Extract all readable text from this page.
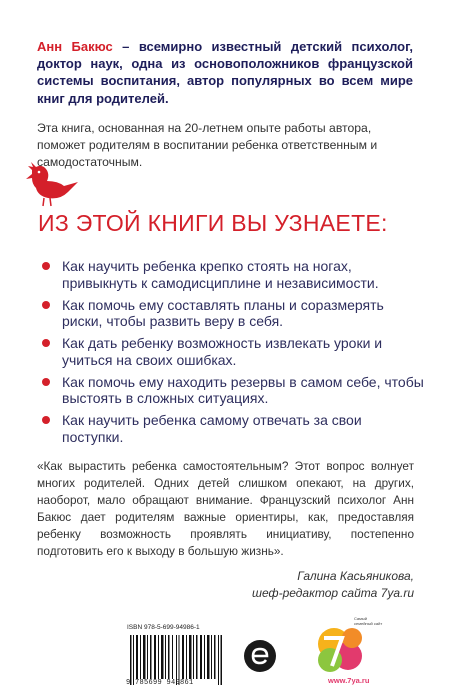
Анн Бакюс – всемирно известный детский психолог, доктор наук, одна из основоположников французской системы воспитания, автор популярных во всем мире книг для родителей.
Эта книга, основанная на 20-летнем опыте работы автора, поможет родителям в воспитании ребенка ответственным и самодостаточным.
ИЗ ЭТОЙ КНИГИ ВЫ УЗНАЕТЕ:
Как научить ребенка крепко стоять на ногах, привыкнуть к самодисциплине и независимости.
Как помочь ему составлять планы и соразмерять риски, чтобы развить веру в себя.
Как дать ребенку возможность извлекать уроки и учиться на своих ошибках.
Как помочь ему находить резервы в самом себе, чтобы выстоять в сложных ситуациях.
Как научить ребенка самому отвечать за свои поступки.
«Как вырастить ребенка самостоятельным? Этот вопрос волнует многих родителей. Одних детей слишком опекают, на других, наоборот, мало обращают внимание. Французский психолог Анн Бакюс дает родителям важные ориентиры, как, предоставляя ребенку возможность проявлять инициативу, постепенно подготовить его к выходу в большую жизнь».
Галина Касьяникова,
шеф-редактор сайта 7ya.ru
ISBN 978-5-699-94986-1
9 785699 949861
Самый семейный сайт
www.7ya.ru
